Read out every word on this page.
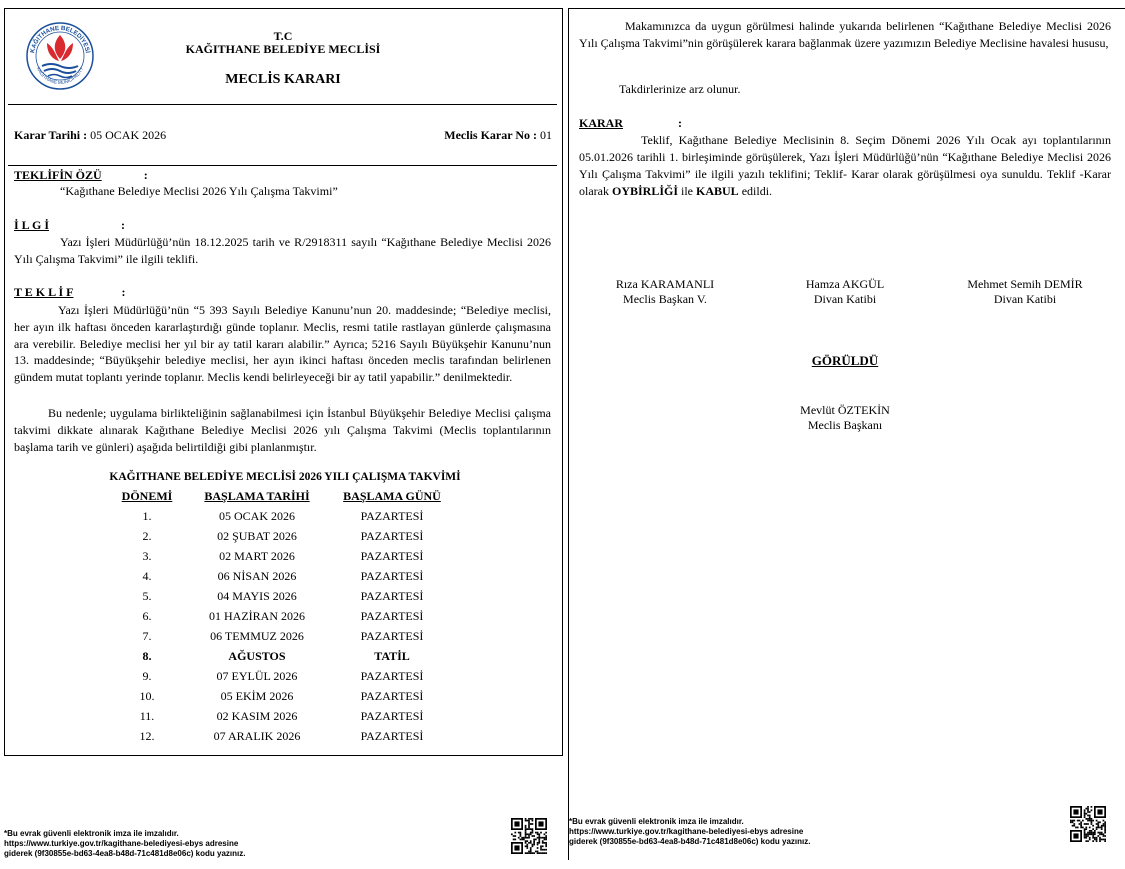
KAĞITHANE BELEDİYESİ
KAĞITHANE MUNICIPALITY
T.C
KAĞITHANE BELEDİYE MECLİSİ
MECLİS KARARI
Karar Tarihi : 05 OCAK 2026	Meclis Karar No : 01
TEKLİFİN ÖZÜ	:
“Kağıthane Belediye Meclisi 2026 Yılı Çalışma Takvimi”
İ L G İ	:
Yazı İşleri Müdürlüğü’nün 18.12.2025 tarih ve R/2918311 sayılı “Kağıthane Belediye Meclisi 2026 Yılı Çalışma Takvimi” ile ilgili teklifi.
T E K L İ F	:
Yazı İşleri Müdürlüğü’nün “5 393 Sayılı Belediye Kanunu’nun 20. maddesinde; “Belediye meclisi, her ayın ilk haftası önceden kararlaştırdığı günde toplanır. Meclis, resmi tatile rastlayan günlerde çalışmasına ara verebilir. Belediye meclisi her yıl bir ay tatil kararı alabilir.” Ayrıca; 5216 Sayılı Büyükşehir Kanunu’nun 13. maddesinde; “Büyükşehir belediye meclisi, her ayın ikinci haftası önceden meclis tarafından belirlenen gündem mutat toplantı yerinde toplanır. Meclis kendi belirleyeceği bir ay tatil yapabilir.” denilmektedir.
Bu nedenle; uygulama birlikteliğinin sağlanabilmesi için İstanbul Büyükşehir Belediye Meclisi çalışma takvimi dikkate alınarak Kağıthane Belediye Meclisi 2026 yılı Çalışma Takvimi (Meclis toplantılarının başlama tarih ve günleri) aşağıda belirtildiği gibi planlanmıştır.
KAĞITHANE BELEDİYE MECLİSİ 2026 YILI ÇALIŞMA TAKVİMİ
DÖNEMİ	BAŞLAMA TARİHİ	BAŞLAMA GÜNÜ
1.	05 OCAK 2026	PAZARTESİ
2.	02 ŞUBAT 2026	PAZARTESİ
3.	02 MART 2026	PAZARTESİ
4.	06 NİSAN 2026	PAZARTESİ
5.	04 MAYIS 2026	PAZARTESİ
6.	01 HAZİRAN 2026	PAZARTESİ
7.	06 TEMMUZ 2026	PAZARTESİ
8.	AĞUSTOS	TATİL
9.	07 EYLÜL 2026	PAZARTESİ
10.	05 EKİM 2026	PAZARTESİ
11.	02 KASIM 2026	PAZARTESİ
12.	07 ARALIK 2026	PAZARTESİ
*Bu evrak güvenli elektronik imza ile imzalıdır.
https://www.turkiye.gov.tr/kagithane-belediyesi-ebys adresine
giderek (9f30855e-bd63-4ea8-b48d-71c481d8e06c) kodu yazınız.
Makamınızca da uygun görülmesi halinde yukarıda belirlenen “Kağıthane Belediye Meclisi 2026 Yılı Çalışma Takvimi”nin görüşülerek karara bağlanmak üzere yazımızın Belediye Meclisine havalesi hususu,
Takdirlerinize arz olunur.
KARAR	:
Teklif, Kağıthane Belediye Meclisinin 8. Seçim Dönemi 2026 Yılı Ocak ayı toplantılarının 05.01.2026 tarihli 1. birleşiminde görüşülerek, Yazı İşleri Müdürlüğü’nün “Kağıthane Belediye Meclisi 2026 Yılı Çalışma Takvimi” ile ilgili yazılı teklifini; Teklif- Karar olarak görüşülmesi oya sunuldu. Teklif -Karar olarak OYBİRLİĞİ ile KABUL edildi.
Rıza KARAMANLI
Meclis Başkan V.
Hamza AKGÜL
Divan Katibi
Mehmet Semih DEMİR
Divan Katibi
GÖRÜLDÜ
Mevlüt ÖZTEKİN
Meclis Başkanı
*Bu evrak güvenli elektronik imza ile imzalıdır.
https://www.turkiye.gov.tr/kagithane-belediyesi-ebys adresine
giderek (9f30855e-bd63-4ea8-b48d-71c481d8e06c) kodu yazınız.
